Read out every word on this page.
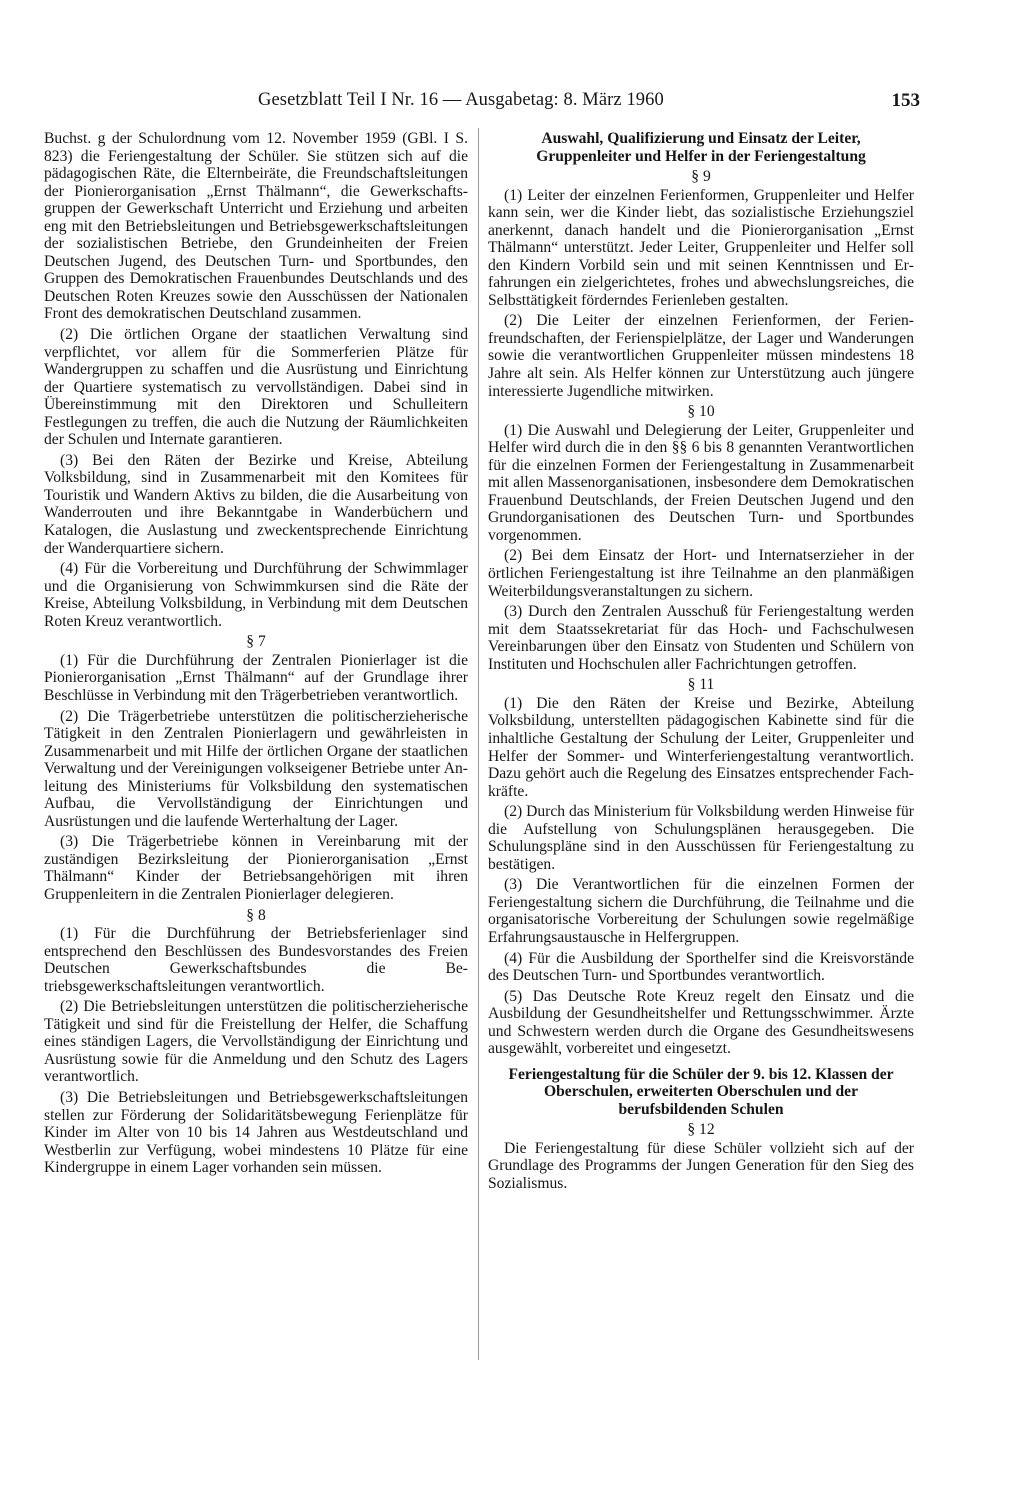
Gesetzblatt Teil I Nr. 16 — Ausgabetag: 8. März 1960	153

Buchst. g der Schulordnung vom 12. November 1959 (GBl. I S. 823) die Feriengestaltung der Schüler. Sie stützen sich auf die pädagogischen Räte, die Elternbeiräte, die Freundschaftsleitungen der Pionierorganisation „Ernst Thälmann“, die Gewerkschaftsgruppen der Gewerkschaft Unterricht und Erziehung und arbeiten eng mit den Betriebsleitungen und Betriebsgewerkschaftsleitungen der sozialistischen Betriebe, den Grundeinheiten der Freien Deutschen Jugend, des Deutschen Turn- und Sportbundes, den Gruppen des Demokratischen Frauenbundes Deutschlands und des Deutschen Roten Kreuzes sowie den Ausschüssen der Nationalen Front des demokratischen Deutschland zusammen.

(2) Die örtlichen Organe der staatlichen Verwaltung sind verpflichtet, vor allem für die Sommerferien Plätze für Wandergruppen zu schaffen und die Ausrüstung und Einrichtung der Quartiere systematisch zu vervollständigen. Dabei sind in Übereinstimmung mit den Direktoren und Schulleitern Festlegungen zu treffen, die auch die Nutzung der Räumlichkeiten der Schulen und Internate garantieren.

(3) Bei den Räten der Bezirke und Kreise, Abteilung Volksbildung, sind in Zusammenarbeit mit den Komitees für Touristik und Wandern Aktivs zu bilden, die die Ausarbeitung von Wanderrouten und ihre Bekanntgabe in Wanderbüchern und Katalogen, die Auslastung und zweckentsprechende Einrichtung der Wanderquartiere sichern.

(4) Für die Vorbereitung und Durchführung der Schwimmlager und die Organisierung von Schwimmkursen sind die Räte der Kreise, Abteilung Volksbildung, in Verbindung mit dem Deutschen Roten Kreuz verantwortlich.

§ 7

(1) Für die Durchführung der Zentralen Pionierlager ist die Pionierorganisation „Ernst Thälmann“ auf der Grundlage ihrer Beschlüsse in Verbindung mit den Trägerbetrieben verantwortlich.

(2) Die Trägerbetriebe unterstützen die politischerzieherische Tätigkeit in den Zentralen Pionierlagern und gewährleisten in Zusammenarbeit und mit Hilfe der örtlichen Organe der staatlichen Verwaltung und der Vereinigungen volkseigener Betriebe unter Anleitung des Ministeriums für Volksbildung den systematischen Aufbau, die Vervollständigung der Einrichtungen und Ausrüstungen und die laufende Werterhaltung der Lager.

(3) Die Trägerbetriebe können in Vereinbarung mit der zuständigen Bezirksleitung der Pionierorganisation „Ernst Thälmann“ Kinder der Betriebsangehörigen mit ihren Gruppenleitern in die Zentralen Pionierlager delegieren.

§ 8

(1) Für die Durchführung der Betriebsferienlager sind entsprechend den Beschlüssen des Bundesvorstandes des Freien Deutschen Gewerkschaftsbundes die Betriebsgewerkschaftsleitungen verantwortlich.

(2) Die Betriebsleitungen unterstützen die politischerzieherische Tätigkeit und sind für die Freistellung der Helfer, die Schaffung eines ständigen Lagers, die Vervollständigung der Einrichtung und Ausrüstung sowie für die Anmeldung und den Schutz des Lagers verantwortlich.

(3) Die Betriebsleitungen und Betriebsgewerkschaftsleitungen stellen zur Förderung der Solidaritätsbewegung Ferienplätze für Kinder im Alter von 10 bis 14 Jahren aus Westdeutschland und Westberlin zur Verfügung, wobei mindestens 10 Plätze für eine Kindergruppe in einem Lager vorhanden sein müssen.

Auswahl, Qualifizierung und Einsatz der Leiter, Gruppenleiter und Helfer in der Feriengestaltung
§ 9

(1) Leiter der einzelnen Ferienformen, Gruppenleiter und Helfer kann sein, wer die Kinder liebt, das sozialistische Erziehungsziel anerkennt, danach handelt und die Pionierorganisation „Ernst Thälmann“ unterstützt. Jeder Leiter, Gruppenleiter und Helfer soll den Kindern Vorbild sein und mit seinen Kenntnissen und Erfahrungen ein zielgerichtetes, frohes und abwechslungsreiches, die Selbsttätigkeit förderndes Ferienleben gestalten.

(2) Die Leiter der einzelnen Ferienformen, der Ferienfreundschaften, der Ferienspielplätze, der Lager und Wanderungen sowie die verantwortlichen Gruppenleiter müssen mindestens 18 Jahre alt sein. Als Helfer können zur Unterstützung auch jüngere interessierte Jugendliche mitwirken.

§ 10

(1) Die Auswahl und Delegierung der Leiter, Gruppenleiter und Helfer wird durch die in den §§ 6 bis 8 genannten Verantwortlichen für die einzelnen Formen der Feriengestaltung in Zusammenarbeit mit allen Massenorganisationen, insbesondere dem Demokratischen Frauenbund Deutschlands, der Freien Deutschen Jugend und den Grundorganisationen des Deutschen Turn- und Sportbundes vorgenommen.

(2) Bei dem Einsatz der Hort- und Internatserzieher in der örtlichen Feriengestaltung ist ihre Teilnahme an den planmäßigen Weiterbildungsveranstaltungen zu sichern.

(3) Durch den Zentralen Ausschuß für Feriengestaltung werden mit dem Staatssekretariat für das Hoch- und Fachschulwesen Vereinbarungen über den Einsatz von Studenten und Schülern von Instituten und Hochschulen aller Fachrichtungen getroffen.

§ 11

(1) Die den Räten der Kreise und Bezirke, Abteilung Volksbildung, unterstellten pädagogischen Kabinette sind für die inhaltliche Gestaltung der Schulung der Leiter, Gruppenleiter und Helfer der Sommer- und Winterferiengestaltung verantwortlich. Dazu gehört auch die Regelung des Einsatzes entsprechender Fachkräfte.

(2) Durch das Ministerium für Volksbildung werden Hinweise für die Aufstellung von Schulungsplänen herausgegeben. Die Schulungspläne sind in den Ausschüssen für Feriengestaltung zu bestätigen.

(3) Die Verantwortlichen für die einzelnen Formen der Feriengestaltung sichern die Durchführung, die Teilnahme und die organisatorische Vorbereitung der Schulungen sowie regelmäßige Erfahrungsaustausche in Helfergruppen.

(4) Für die Ausbildung der Sporthelfer sind die Kreisvorstände des Deutschen Turn- und Sportbundes verantwortlich.

(5) Das Deutsche Rote Kreuz regelt den Einsatz und die Ausbildung der Gesundheitshelfer und Rettungsschwimmer. Ärzte und Schwestern werden durch die Organe des Gesundheitswesens ausgewählt, vorbereitet und eingesetzt.

Feriengestaltung für die Schüler der 9. bis 12. Klassen der Oberschulen, erweiterten Oberschulen und der berufsbildenden Schulen
§ 12

Die Feriengestaltung für diese Schüler vollzieht sich auf der Grundlage des Programms der Jungen Generation für den Sieg des Sozialismus.
